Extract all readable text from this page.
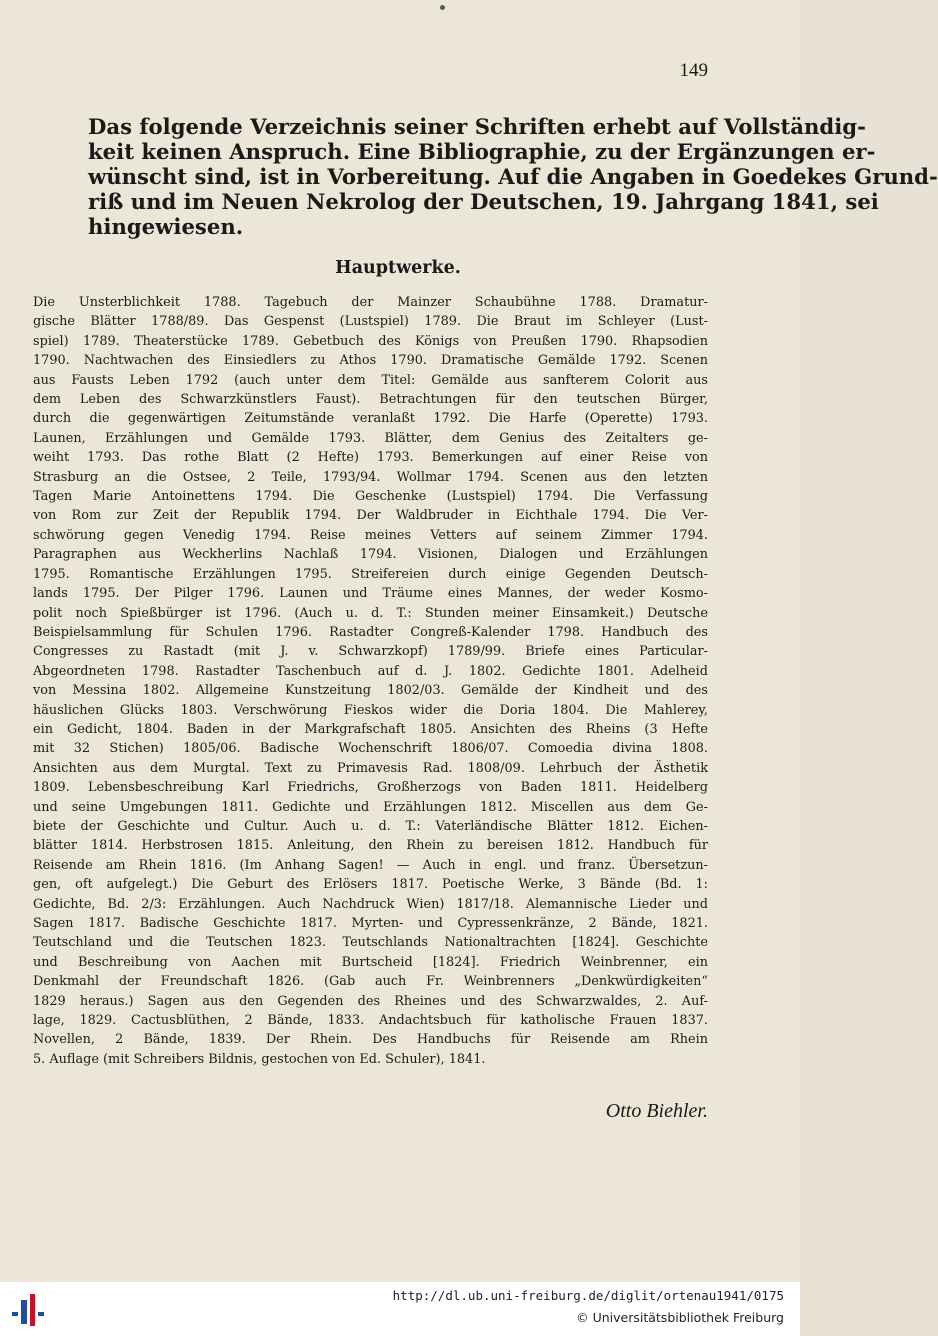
149

Das folgende Verzeichnis seiner Schriften erhebt auf Vollständig-
keit keinen Anspruch. Eine Bibliographie, zu der Ergänzungen er-
wünscht sind, ist in Vorbereitung. Auf die Angaben in Goedekes Grund-
riß und im Neuen Nekrolog der Deutschen, 19. Jahrgang 1841, sei
hingewiesen.

Hauptwerke.
Die Unsterblichkeit 1788. Tagebuch der Mainzer Schaubühne 1788. Dramatur-
gische Blätter 1788/89. Das Gespenst (Lustspiel) 1789. Die Braut im Schleyer (Lust-
spiel) 1789. Theaterstücke 1789. Gebetbuch des Königs von Preußen 1790. Rhapsodien
1790. Nachtwachen des Einsiedlers zu Athos 1790. Dramatische Gemälde 1792. Scenen
aus Fausts Leben 1792 (auch unter dem Titel: Gemälde aus sanfterem Colorit aus
dem Leben des Schwarzkünstlers Faust). Betrachtungen für den teutschen Bürger,
durch die gegenwärtigen Zeitumstände veranlaßt 1792. Die Harfe (Operette) 1793.
Launen, Erzählungen und Gemälde 1793. Blätter, dem Genius des Zeitalters ge-
weiht 1793. Das rothe Blatt (2 Hefte) 1793. Bemerkungen auf einer Reise von
Strasburg an die Ostsee, 2 Teile, 1793/94. Wollmar 1794. Scenen aus den letzten
Tagen Marie Antoinettens 1794. Die Geschenke (Lustspiel) 1794. Die Verfassung
von Rom zur Zeit der Republik 1794. Der Waldbruder in Eichthale 1794. Die Ver-
schwörung gegen Venedig 1794. Reise meines Vetters auf seinem Zimmer 1794.
Paragraphen aus Weckherlins Nachlaß 1794. Visionen, Dialogen und Erzählungen
1795. Romantische Erzählungen 1795. Streifereien durch einige Gegenden Deutsch-
lands 1795. Der Pilger 1796. Launen und Träume eines Mannes, der weder Kosmo-
polit noch Spießbürger ist 1796. (Auch u. d. T.: Stunden meiner Einsamkeit.) Deutsche
Beispielsammlung für Schulen 1796. Rastadter Congreß-Kalender 1798. Handbuch des
Congresses zu Rastadt (mit J. v. Schwarzkopf) 1789/99. Briefe eines Particular-
Abgeordneten 1798. Rastadter Taschenbuch auf d. J. 1802. Gedichte 1801. Adelheid
von Messina 1802. Allgemeine Kunstzeitung 1802/03. Gemälde der Kindheit und des
häuslichen Glücks 1803. Verschwörung Fieskos wider die Doria 1804. Die Mahlerey,
ein Gedicht, 1804. Baden in der Markgrafschaft 1805. Ansichten des Rheins (3 Hefte
mit 32 Stichen) 1805/06. Badische Wochenschrift 1806/07. Comoedia divina 1808.
Ansichten aus dem Murgtal. Text zu Primavesis Rad. 1808/09. Lehrbuch der Ästhetik
1809. Lebensbeschreibung Karl Friedrichs, Großherzogs von Baden 1811. Heidelberg
und seine Umgebungen 1811. Gedichte und Erzählungen 1812. Miscellen aus dem Ge-
biete der Geschichte und Cultur. Auch u. d. T.: Vaterländische Blätter 1812. Eichen-
blätter 1814. Herbstrosen 1815. Anleitung, den Rhein zu bereisen 1812. Handbuch für
Reisende am Rhein 1816. (Im Anhang Sagen! — Auch in engl. und franz. Übersetzun-
gen, oft aufgelegt.) Die Geburt des Erlösers 1817. Poetische Werke, 3 Bände (Bd. 1:
Gedichte, Bd. 2/3: Erzählungen. Auch Nachdruck Wien) 1817/18. Alemannische Lieder und
Sagen 1817. Badische Geschichte 1817. Myrten- und Cypressenkränze, 2 Bände, 1821.
Teutschland und die Teutschen 1823. Teutschlands Nationaltrachten [1824]. Geschichte
und Beschreibung von Aachen mit Burtscheid [1824]. Friedrich Weinbrenner, ein
Denkmahl der Freundschaft 1826. (Gab auch Fr. Weinbrenners „Denkwürdigkeiten“
1829 heraus.) Sagen aus den Gegenden des Rheines und des Schwarzwaldes, 2. Auf-
lage, 1829. Cactusblüthen, 2 Bände, 1833. Andachtsbuch für katholische Frauen 1837.
Novellen, 2 Bände, 1839. Der Rhein. Des Handbuchs für Reisende am Rhein
5. Auflage (mit Schreibers Bildnis, gestochen von Ed. Schuler), 1841.
Otto Biehler.
http://dl.ub.uni-freiburg.de/diglit/ortenau1941/0175
© Universitätsbibliothek Freiburg
